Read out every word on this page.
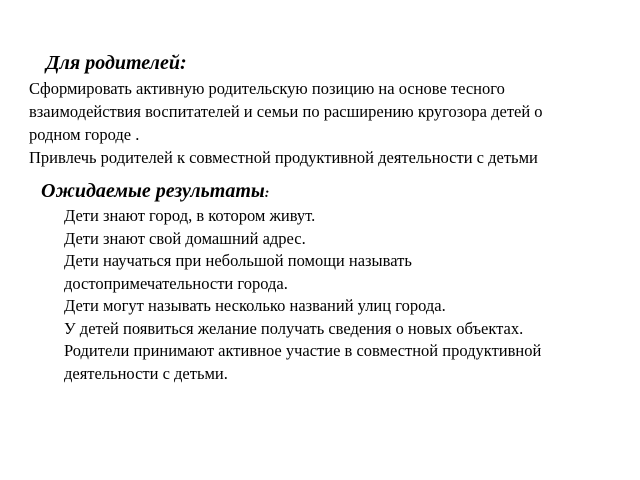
Для родителей:
Сформировать активную родительскую позицию на основе тесного
взаимодействия воспитателей и семьи по расширению кругозора детей о
родном городе .
Привлечь родителей к совместной продуктивной деятельности с детьми
Ожидаемые результаты:
Дети знают город, в котором живут.
Дети знают свой домашний адрес.
Дети научаться при небольшой помощи называть
достопримечательности города.
Дети могут называть несколько названий улиц города.
У детей появиться желание получать сведения о новых объектах.
Родители принимают активное участие в совместной продуктивной
деятельности с детьми.
